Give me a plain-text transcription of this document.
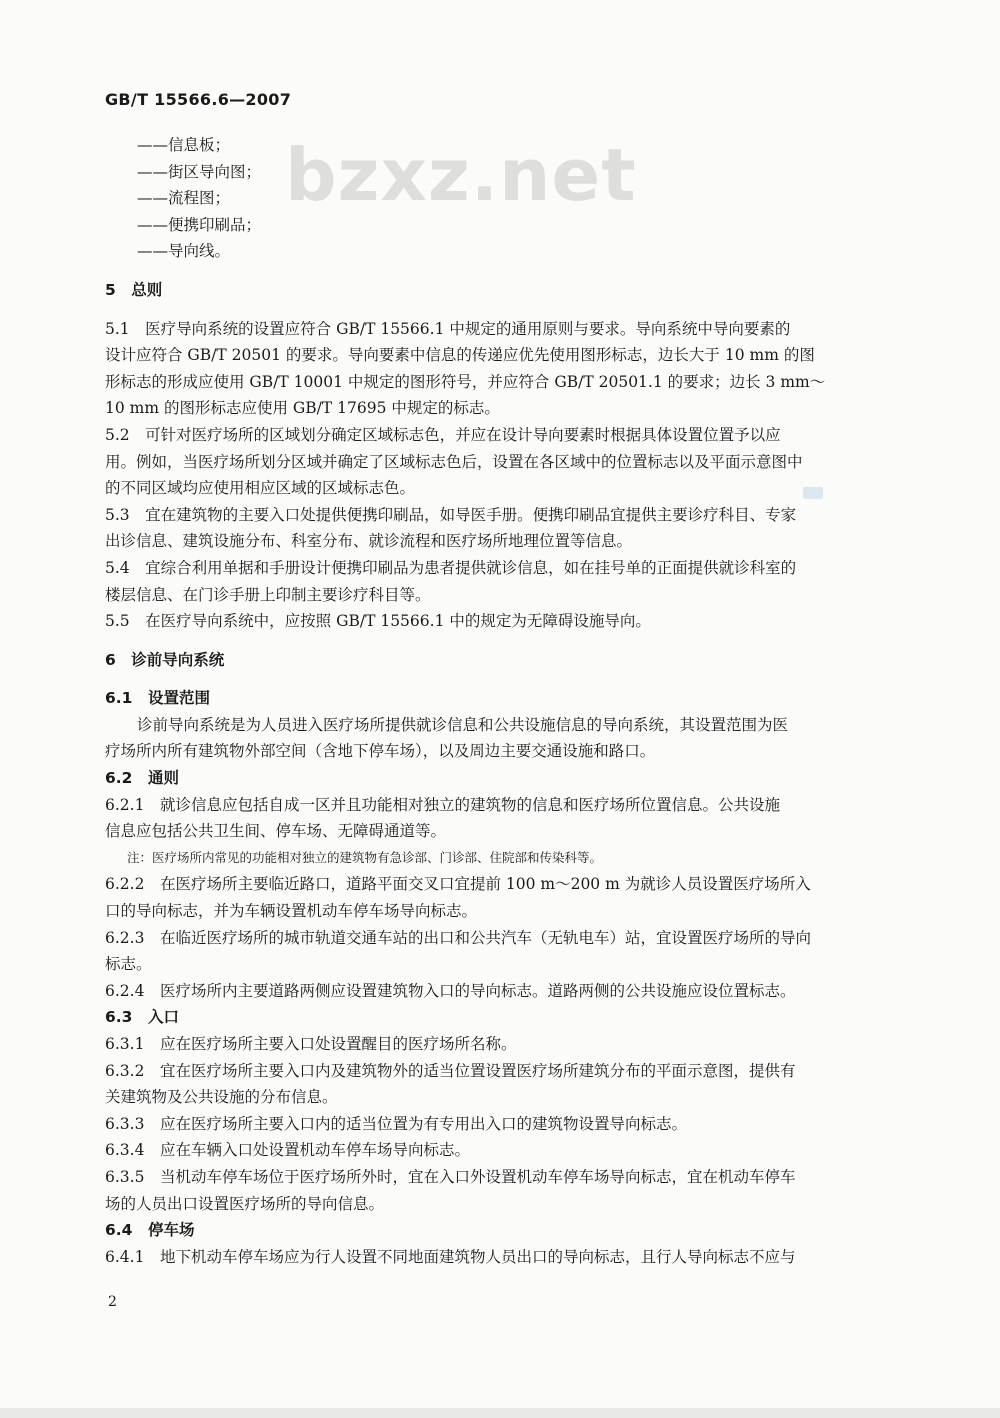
GB/T 15566.6—2007
bzxz.net
——信息板；
——街区导向图；
——流程图；
——便携印刷品；
——导向线。
5　总则
5.1　医疗导向系统的设置应符合 GB/T 15566.1 中规定的通用原则与要求。导向系统中导向要素的
设计应符合 GB/T 20501 的要求。导向要素中信息的传递应优先使用图形标志，边长大于 10 mm 的图
形标志的形成应使用 GB/T 10001 中规定的图形符号，并应符合 GB/T 20501.1 的要求；边长 3 mm～
10 mm 的图形标志应使用 GB/T 17695 中规定的标志。
5.2　可针对医疗场所的区域划分确定区域标志色，并应在设计导向要素时根据具体设置位置予以应
用。例如，当医疗场所划分区域并确定了区域标志色后，设置在各区域中的位置标志以及平面示意图中
的不同区域均应使用相应区域的区域标志色。
5.3　宜在建筑物的主要入口处提供便携印刷品，如导医手册。便携印刷品宜提供主要诊疗科目、专家
出诊信息、建筑设施分布、科室分布、就诊流程和医疗场所地理位置等信息。
5.4　宜综合利用单据和手册设计便携印刷品为患者提供就诊信息，如在挂号单的正面提供就诊科室的
楼层信息、在门诊手册上印制主要诊疗科目等。
5.5　在医疗导向系统中，应按照 GB/T 15566.1 中的规定为无障碍设施导向。
6　诊前导向系统
6.1　设置范围
诊前导向系统是为人员进入医疗场所提供就诊信息和公共设施信息的导向系统，其设置范围为医
疗场所内所有建筑物外部空间（含地下停车场），以及周边主要交通设施和路口。
6.2　通则
6.2.1　就诊信息应包括自成一区并且功能相对独立的建筑物的信息和医疗场所位置信息。公共设施
信息应包括公共卫生间、停车场、无障碍通道等。
注：医疗场所内常见的功能相对独立的建筑物有急诊部、门诊部、住院部和传染科等。
6.2.2　在医疗场所主要临近路口，道路平面交叉口宜提前 100 m～200 m 为就诊人员设置医疗场所入
口的导向标志，并为车辆设置机动车停车场导向标志。
6.2.3　在临近医疗场所的城市轨道交通车站的出口和公共汽车（无轨电车）站，宜设置医疗场所的导向
标志。
6.2.4　医疗场所内主要道路两侧应设置建筑物入口的导向标志。道路两侧的公共设施应设位置标志。
6.3　入口
6.3.1　应在医疗场所主要入口处设置醒目的医疗场所名称。
6.3.2　宜在医疗场所主要入口内及建筑物外的适当位置设置医疗场所建筑分布的平面示意图，提供有
关建筑物及公共设施的分布信息。
6.3.3　应在医疗场所主要入口内的适当位置为有专用出入口的建筑物设置导向标志。
6.3.4　应在车辆入口处设置机动车停车场导向标志。
6.3.5　当机动车停车场位于医疗场所外时，宜在入口外设置机动车停车场导向标志，宜在机动车停车
场的人员出口设置医疗场所的导向信息。
6.4　停车场
6.4.1　地下机动车停车场应为行人设置不同地面建筑物人员出口的导向标志，且行人导向标志不应与
2
